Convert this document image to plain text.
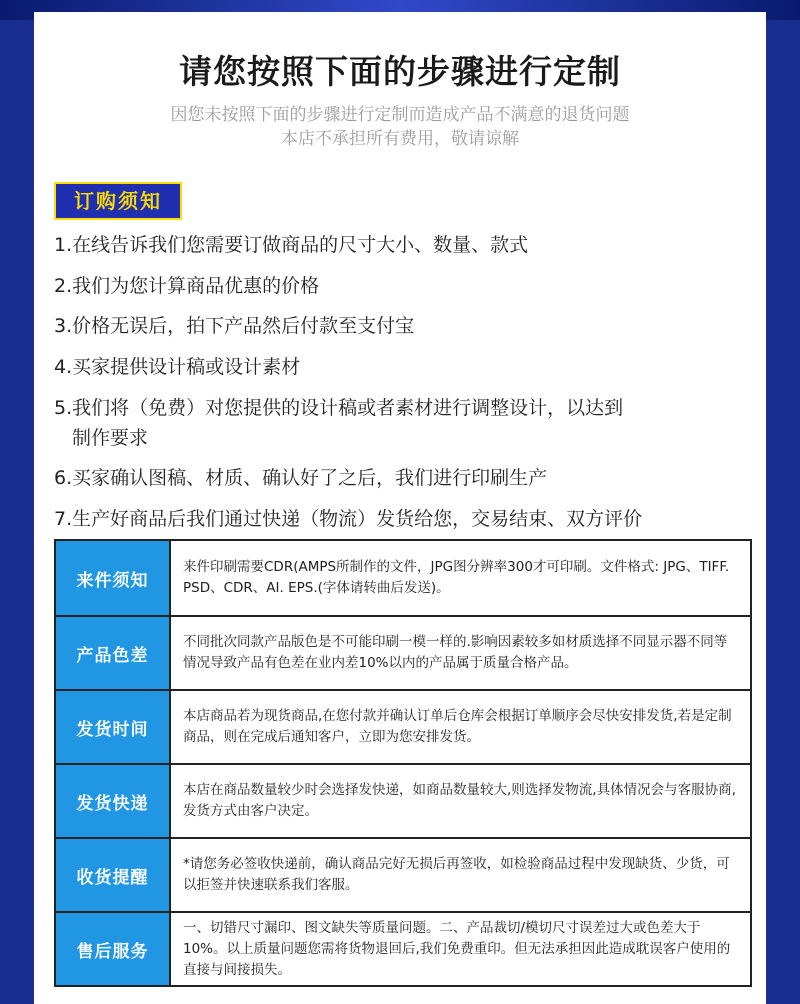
请您按照下面的步骤进行定制
因您未按照下面的步骤进行定制而造成产品不满意的退货问题
本店不承担所有费用，敬请谅解
订购须知
1.在线告诉我们您需要订做商品的尺寸大小、数量、款式
2.我们为您计算商品优惠的价格
3.价格无误后，拍下产品然后付款至支付宝
4.买家提供设计稿或设计素材
5.我们将（免费）对您提供的设计稿或者素材进行调整设计，以达到
制作要求
6.买家确认图稿、材质、确认好了之后，我们进行印刷生产
7.生产好商品后我们通过快递（物流）发货给您，交易结束、双方评价
来件须知
来件印刷需要CDR(AMPS所制作的文件，JPG图分辨率300才可印刷。文件格式: JPG、TIFF. PSD、CDR、AI. EPS.(字体请转曲后发送)。
产品色差
不同批次同款产品版色是不可能印刷一模一样的.影响因素较多如材质选择不同显示器不同等情况导致产品有色差在业内差10%以内的产品属于质量合格产品。
发货时间
本店商品若为现货商品,在您付款并确认订单后仓库会根据订单顺序会尽快安排发货,若是定制商品，则在完成后通知客户，立即为您安排发货。
发货快递
本店在商品数量较少时会选择发快递，如商品数量较大,则选择发物流,具体情况会与客服协商,发货方式由客户决定。
收货提醒
*请您务必签收快递前，确认商品完好无损后再签收，如检验商品过程中发现缺货、少货，可以拒签并快速联系我们客服。
售后服务
一、切错尺寸漏印、图文缺失等质量问题。二、产品裁切/模切尺寸误差过大或色差大于10%。以上质量问题您需将货物退回后,我们免费重印。但无法承担因此造成耽误客户使用的直接与间接损失。
